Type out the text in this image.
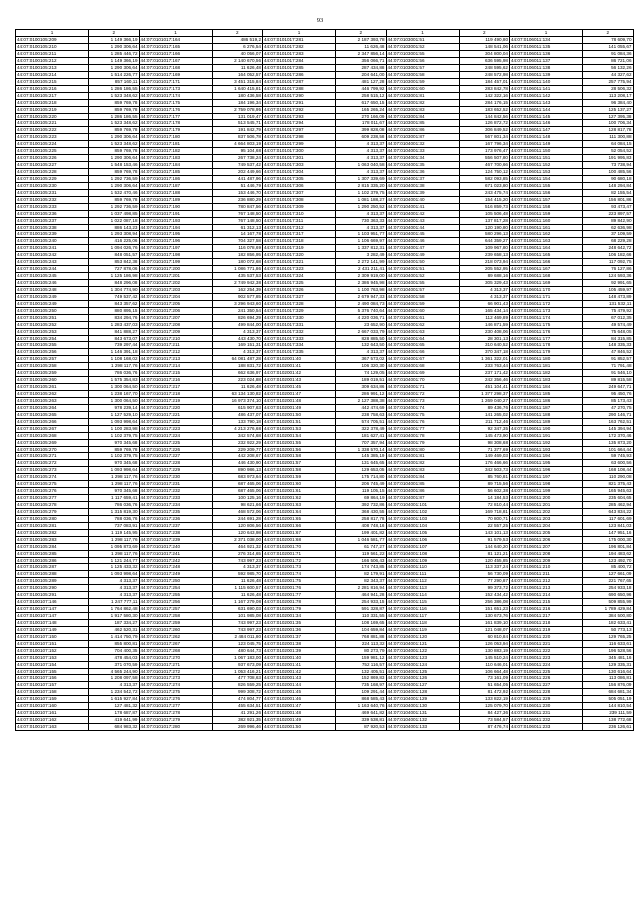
93
1	2	1	2	1	2	1	2	1	2
44:07:0100105:209	1 149 366,19	44:07:0101017:164	486 519,2	44:07:0101017:281	2 187 393,78	44:07:0103001:51	119 490,80	44:07:0106011:134	78 609,70
44:07:0100105:210	1 290 306,64	44:07:0101017:165	6 276,54	44:07:0101017:282	11 626,48	44:07:0103001:52	148 541,06	44:07:0106011:135	141 055,67
44:07:0100105:211	1 285 446,72	44:07:0101017:166	40 056,07	44:07:0101017:283	2 347 856,14	44:07:0103001:55	304 800,04	44:07:0106011:136	91 084,36
44:07:0100105:212	1 149 366,19	44:07:0101017:167	2 140 670,56	44:07:0101017:284	356 066,71	44:07:0103001:56	636 595,98	44:07:0106011:137	86 721,06
44:07:0100105:213	1 290 306,64	44:07:0101017:168	11 626,48	44:07:0101017:285	287 434,88	44:07:0103001:57	248 595,62	44:07:0106011:138	56 132,26
44:07:0100105:214	1 514 226,77	44:07:0101017:169	164 052,57	44:07:0101017:286	204 641,00	44:07:0103001:58	248 572,98	44:07:0106011:139	44 327,62
44:07:0100105:215	857 160,11	44:07:0101017:171	3 451 315,84	44:07:0101017:287	481 127,28	44:07:0103001:59	184 457,01	44:07:0106011:140	257 775,94
44:07:0100105:216	1 286 186,55	44:07:0101017:173	1 640 415,81	44:07:0101017:288	446 799,92	44:07:0103001:60	283 842,78	44:07:0106011:141	28 506,32
44:07:0100105:217	1 523 348,62	44:07:0101017:174	180 436,58	44:07:0101017:290	258 515,12	44:07:0103001:81	142 322,16	44:07:0106011:142	113 208,17
44:07:0100105:218	859 769,78	44:07:0101017:175	184 196,34	44:07:0101017:291	617 650,15	44:07:0103001:82	284 176,15	44:07:0106011:143	96 384,40
44:07:0100105:219	859 769,78	44:07:0101017:176	2 759 078,95	44:07:0101017:292	165 265,24	44:07:0103001:83	183 652,52	44:07:0106011:144	125 137,27
44:07:0100105:220	1 286 186,55	44:07:0101017:177	131 019,47	44:07:0101017:293	270 166,09	44:07:0103001:84	144 842,56	44:07:0106011:145	127 395,38
44:07:0100105:221	1 523 348,62	44:07:0101017:178	513 545,71	44:07:0101017:294	178 011,67	44:07:0103001:85	126 872,72	44:07:0106011:146	100 706,34
44:07:0100105:222	859 769,78	44:07:0101017:179	191 842,79	44:07:0101017:297	399 828,08	44:07:0103001:86	306 849,52	44:07:0106011:147	128 817,78
44:07:0100105:223	1 290 306,64	44:07:0101017:180	837 506,78	44:07:0101017:298	609 238,58	44:07:0103001:87	567 801,34	44:07:0106011:148	111 300,88
44:07:0100105:224	1 523 348,62	44:07:0101017:181	4 664 803,19	44:07:0101017:299	4 313,37	44:07:0104001:32	167 796,34	44:07:0106011:149	64 084,15
44:07:0100105:225	859 769,78	44:07:0101017:182	95 104,68	44:07:0101017:300	4 313,37	44:07:0104001:33	173 976,47	44:07:0106011:150	52 054,52
44:07:0100105:226	1 290 306,64	44:07:0101017:183	267 738,24	44:07:0101017:301	4 313,37	44:07:0104001:34	556 507,80	44:07:0106011:151	191 995,83
44:07:0100105:227	1 548 153,46	44:07:0101017:184	749 537,42	44:07:0101017:303	1 063 040,58	44:07:0104001:35	467 700,66	44:07:0106011:152	73 738,94
44:07:0100105:228	859 769,78	44:07:0101017:185	202 449,66	44:07:0101017:304	4 313,37	44:07:0104001:36	124 750,12	44:07:0106011:153	100 485,56
44:07:0100105:229	1 292 736,59	44:07:0101017:186	441 487,96	44:07:0101017:305	1 307 339,69	44:07:0104001:37	582 093,85	44:07:0106011:154	90 680,18
44:07:0100105:230	1 290 306,64	44:07:0101017:187	51 446,79	44:07:0101017:306	2 815 335,20	44:07:0104001:38	671 023,80	44:07:0106011:155	148 294,84
44:07:0100105:231	1 532 470,46	44:07:0101017:188	153 446,70	44:07:0101017:307	1 102 379,75	44:07:0104001:39	243 475,74	44:07:0106011:156	82 155,54
44:07:0100105:232	859 769,78	44:07:0101017:189	236 880,29	44:07:0101017:308	1 081 188,27	44:07:0104001:40	154 415,20	44:07:0106011:157	156 801,86
44:07:0100105:233	1 292 736,59	44:07:0101017:190	780 847,56	44:07:0101017:309	1 290 250,52	44:07:0104001:41	516 859,73	44:07:0106011:158	93 473,47
44:07:0100105:236	1 037 498,85	44:07:0101017:191	767 148,50	44:07:0101017:310	4 313,37	44:07:0104001:42	105 506,48	44:07:0106011:159	223 897,57
44:07:0100105:237	1 022 087,18	44:07:0101017:193	767 148,50	44:07:0101017:311	730 363,33	44:07:0104001:43	137 817,28	44:07:0106011:160	89 842,90
44:07:0100105:238	886 143,23	44:07:0101017:194	61 312,13	44:07:0101017:312	4 313,37	44:07:0104001:44	120 190,80	44:07:0106011:161	62 636,98
44:07:0100105:239	1 293 308,94	44:07:0101017:195	14 167,78	44:07:0101017:317	1 103 951,77	44:07:0104001:45	580 296,13	44:07:0106011:162	37 109,59
44:07:0100105:240	416 225,06	44:07:0101017:196	704 327,58	44:07:0101017:318	1 106 669,97	44:07:0104001:46	644 359,27	44:07:0106011:163	68 229,28
44:07:0100105:241	1 094 026,76	44:07:0101017:197	116 078,69	44:07:0101017:319	1 337 812,31	44:07:0104001:47	109 967,80	44:07:0106011:164	248 642,72
44:07:0100105:242	848 051,57	44:07:0101017:198	182 856,95	44:07:0101017:320	3 282,49	44:07:0104001:49	239 658,13	44:07:0106011:165	106 182,66
44:07:0100105:243	853 842,38	44:07:0101017:199	180 072,68	44:07:0101017:321	2 272 141,99	44:07:0104001:50	218 073,94	44:07:0106011:166	117 092,75
44:07:0100105:244	727 878,06	44:07:0101017:200	1 086 771,86	44:07:0101017:323	2 431 211,41	44:07:0104001:51	205 552,95	44:07:0106011:167	76 127,86
44:07:0100105:245	1 125 186,98	44:07:0101017:201	435 537,53	44:07:0101017:324	2 309 919,00	44:07:0104001:52	89 688,16	44:07:0106011:168	124 593,36
44:07:0100105:246	848 296,08	44:07:0101017:202	2 749 942,38	44:07:0101017:325	2 386 945,98	44:07:0104001:55	305 329,43	44:07:0106011:169	92 991,65
44:07:0100105:248	1 304 774,90	44:07:0101017:203	162 254,39	44:07:0101017:326	1 100 763,98	44:07:0104001:57	4 313,37	44:07:0106011:170	105 459,97
44:07:0100105:249	749 537,42	44:07:0101017:204	902 577,85	44:07:0101017:327	2 679 947,33	44:07:0104001:58	4 313,37	44:07:0106011:171	148 473,89
44:07:0100105:249	843 357,62	44:07:0101017:205	3 296 943,60	44:07:0101017:328	2 490 084,73	44:07:0104001:59	66 901,43	44:07:0106011:172	131 532,11
44:07:0100105:250	880 895,15	44:07:0101017:206	241 350,54	44:07:0101017:329	5 376 740,64	44:07:0104001:60	165 434,14	44:07:0106011:173	75 479,92
44:07:0100105:251	834 294,76	44:07:0101017:207	826 694,29	44:07:0101017:330	4 220 036,71	44:07:0104001:61	112 469,89	44:07:0106011:174	67 012,35
44:07:0100105:252	1 283 437,03	44:07:0101017:208	499 844,00	44:07:0101017:331	23 652,90	44:07:0104001:62	146 871,59	44:07:0106011:175	49 574,49
44:07:0100105:253	841 888,27	44:07:0101017:209	4 313,37	44:07:0101017:332	2 667 033,79	44:07:0104001:63	230 408,06	44:07:0106011:176	75 648,05
44:07:0100105:254	843 673,07	44:07:0101017:210	443 430,70	44:07:0101017:333	828 885,50	44:07:0104001:64	28 301,13	44:07:0106011:177	84 315,85
44:07:0100105:255	739 297,44	44:07:0101017:211	169 151,31	44:07:0101017:334	132 643,50	44:07:0104001:65	310 640,52	44:07:0106011:178	148 335,33
44:07:0100105:256	1 146 391,18	44:07:0101017:212	4 313,37	44:07:0101017:335	4 313,37	44:07:0104001:66	370 347,18	44:07:0106011:179	47 846,52
44:07:0100105:257	1 108 168,02	44:07:0101017:213	64 081 487,28	44:07:0102001:40	367 573,02	44:07:0104001:67	1 361 322,01	44:07:0106011:180	91 852,57
44:07:0100105:258	1 298 117,76	44:07:0101017:214	188 831,72	44:07:0102001:41	106 320,30	44:07:0104001:68	233 763,44	44:07:0106011:181	71 791,48
44:07:0100105:259	786 036,76	44:07:0101017:215	662 636,97	44:07:0102001:42	74 129,05	44:07:0104001:69	237 171,42	44:07:0106011:182	91 546,10
44:07:0100105:260	1 575 354,83	44:07:0101017:216	223 024,88	44:07:0102001:43	189 019,51	44:07:0104001:70	242 356,46	44:07:0106011:183	89 815,58
44:07:0100105:261	1 300 064,50	44:07:0101017:217	11 626,48	44:07:0102001:45	309 634,86	44:07:0104001:71	451 104,41	44:07:0106011:184	249 647,71
44:07:0100105:262	1 238 167,70	44:07:0101017:218	63 134 130,82	44:07:0102001:47	286 991,12	44:07:0104001:72	1 377 298,37	44:07:0106011:185	95 450,76
44:07:0100105:263	1 300 064,50	44:07:0101017:219	16 973 374,10	44:07:0102001:48	2 127 388,38	44:07:0104001:73	1 269 040,27	44:07:0106011:186	85 173,43
44:07:0100105:264	978 239,14	44:07:0101017:220	615 907,63	44:07:0102001:49	442 474,69	44:07:0104001:74	89 436,76	44:07:0106011:187	47 270,75
44:07:0100105:265	1 127 529,10	44:07:0101017:221	486 437,07	44:07:0102001:50	238 758,63	44:07:0104001:75	141 265,02	44:07:0106011:188	290 146,71
44:07:0100105:266	1 093 998,64	44:07:0101017:222	133 790,18	44:07:0102001:51	574 705,51	44:07:0104001:76	211 712,46	44:07:0106011:189	163 762,51
44:07:0100105:267	1 100 283,98	44:07:0101017:223	4 213 276,68	44:07:0102001:53	322 378,49	44:07:0104001:77	92 347,35	44:07:0106011:190	145 394,94
44:07:0100105:268	1 102 379,75	44:07:0101017:224	342 574,68	44:07:0102001:54	181 627,41	44:07:0104001:78	145 473,90	44:07:0106011:191	172 370,46
44:07:0100105:269	970 345,68	44:07:0101017:225	232 922,29	44:07:0102001:55	707 357,94	44:07:0104001:79	98 308,68	44:07:0106011:192	135 873,20
44:07:0100105:270	859 769,78	44:07:0101017:226	229 209,77	44:07:0102001:56	1 338 570,14	44:07:0104001:80	71 377,69	44:07:0106011:193	101 664,44
44:07:0100105:271	1 102 379,75	44:07:0101017:227	442 208,67	44:07:0102001:58	145 385,19	44:07:0104001:81	149 469,03	44:07:0106011:194	59 745,93
44:07:0100105:272	970 345,68	44:07:0101017:228	446 430,90	44:07:0102001:57	131 645,65	44:07:0104001:82	176 466,66	44:07:0106011:195	63 600,56
44:07:0100105:273	1 093 998,64	44:07:0101017:229	890 986,13	44:07:0102001:58	129 653,05	44:07:0104001:83	342 503,73	44:07:0106011:196	168 108,44
44:07:0100105:274	1 298 117,76	44:07:0101017:230	683 973,64	44:07:0102001:59	175 714,80	44:07:0104001:84	85 760,81	44:07:0106011:197	110 290,08
44:07:0100105:275	1 298 117,76	44:07:0101017:231	687 465,06	44:07:0102001:60	206 745,49	44:07:0104001:85	89 715,56	44:07:0106011:198	821 375,43
44:07:0100105:276	970 345,68	44:07:0101017:232	687 465,06	44:07:0102001:61	119 105,15	44:07:0104001:86	56 602,38	44:07:0106011:199	165 945,63
44:07:0100105:277	1 117 659,41	44:07:0101017:233	100 125,16	44:07:0102001:62	69 864,19	44:07:0104001:87	14 184,53	44:07:0106011:200	235 604,65
44:07:0100105:278	786 036,76	44:07:0101017:234	98 621,66	44:07:0102001:63	392 732,86	44:07:0104001:101	72 810,44	44:07:0106011:201	285 462,94
44:07:0100105:279	1 315 819,30	44:07:0101017:235	468 572,06	44:07:0102001:64	368 430,55	44:07:0104001:102	169 718,81	44:07:0106011:202	643 834,22
44:07:0100105:280	788 036,76	44:07:0101017:236	244 691,28	44:07:0102001:65	258 817,78	44:07:0104001:103	70 800,71	44:07:0106011:203	117 601,69
44:07:0100105:281	737 083,91	44:07:0101017:237	120 806,56	44:07:0102001:66	408 748,16	44:07:0104001:104	22 557,25	44:07:0106011:204	123 841,03
44:07:0100105:282	1 119 145,95	44:07:0101017:238	120 643,98	44:07:0102001:67	199 401,82	44:07:0104001:105	143 101,13	44:07:0106011:205	147 951,16
44:07:0100105:283	1 298 117,76	44:07:0101017:239	2 371 038,00	44:07:0102001:68	1 046 581,77	44:07:0104001:106	91 579,53	44:07:0106011:206	175 000,30
44:07:0100105:284	1 095 873,69	44:07:0101017:240	464 921,32	44:07:0102001:70	61 747,27	44:07:0104001:107	144 640,20	44:07:0106011:207	196 801,84
44:07:0100105:285	1 298 117,76	44:07:0101017:241	276 314,65	44:07:0102001:71	119 561,22	44:07:0104001:108	81 121,21	44:07:0106011:208	194 483,62
44:07:0100105:286	1 121 244,77	44:07:0101017:242	743 997,23	44:07:0102001:72	166 506,43	44:07:0104001:109	120 455,85	44:07:0106011:209	123 492,70
44:07:0100105:287	1 125 433,32	44:07:0101017:248	4 313,37	44:07:0102001:73	174 743,85	44:07:0104001:110	113 337,24	44:07:0106011:210	85 400,72
44:07:0100105:288	1 093 998,64	44:07:0101017:249	592 985,70	44:07:0102001:74	82 179,91	44:07:0104001:111	56 730,09	44:07:0106011:211	127 661,09
44:07:0100105:289	4 313,37	44:07:0101017:250	11 626,48	44:07:0102001:75	82 343,37	44:07:0104001:112	77 290,87	44:07:0106011:212	221 767,65
44:07:0100105:290	4 313,37	44:07:0101017:254	1 115 600,57	44:07:0102001:76	2 281 816,94	44:07:0104001:113	99 373,72	44:07:0106011:213	254 933,18
44:07:0100105:291	4 313,37	44:07:0101017:255	11 626,48	44:07:0102001:77	464 941,28	44:07:0104001:114	152 434,42	44:07:0106011:214	690 650,96
44:07:0100107:146	1 247 777,11	44:07:0101017:256	1 167 279,08	44:07:0102001:78	254 933,15	44:07:0104001:115	256 386,08	44:07:0106011:215	509 855,99
44:07:0100107:147	1 764 862,48	44:07:0101017:257	631 690,03	44:07:0102001:79	591 328,87	44:07:0104001:116	151 651,23	44:07:0106011:216	1 789 429,84
44:07:0100107:147	1 917 580,30	44:07:0101017:258	101 985,08	44:07:0102001:34	110 331,55	44:07:0104001:117	130 673,76	44:07:0106011:217	384 500,80
44:07:0100107:148	187 334,27	44:07:0101017:259	743 997,23	44:07:0102001:35	108 169,65	44:07:0104001:118	161 839,10	44:07:0106011:218	182 633,41
44:07:0100107:149	462 520,31	44:07:0101017:260	743 997,23	44:07:0102001:36	104 659,84	44:07:0104001:119	121 048,07	44:07:0106011:219	50 773,13
44:07:0100107:150	1 414 750,79	44:07:0101017:262	2 484 011,80	44:07:0102001:37	768 881,88	44:07:0104001:120	60 810,84	44:07:0106011:220	129 765,25
44:07:0100107:151	855 800,81	44:07:0101017:267	123 045,75	44:07:0102001:38	224 113,32	44:07:0104001:121	126 053,94	44:07:0106011:221	116 633,61
44:07:0100107:152	704 400,35	44:07:0101017:268	480 644,73	44:07:0102001:39	80 273,79	44:07:0104001:122	130 883,19	44:07:0106011:222	196 528,56
44:07:0100107:153	478 454,03	44:07:0101017:270	1 067 183,00	44:07:0102001:40	159 981,12	44:07:0104001:123	145 510,24	44:07:0106011:223	345 481,16
44:07:0100107:154	371 070,59	44:07:0101017:271	937 673,09	44:07:0102001:41	752 116,57	44:07:0104001:124	110 646,01	44:07:0106011:224	129 335,31
44:07:0100107:155	4 565 244,90	44:07:0101017:272	1 053 416,21	44:07:0102001:42	132 405,51	44:07:0104001:125	106 664,48	44:07:0106011:225	130 616,64
44:07:0100107:156	1 208 097,58	44:07:0101017:273	477 708,63	44:07:0102001:43	152 869,83	44:07:0104001:126	73 161,09	44:07:0106011:226	113 086,81
44:07:0100107:157	4 313,37	44:07:0101017:274	826 559,25	44:07:0102001:44	735 168,97	44:07:0104001:127	51 654,05	44:07:0106011:227	156 876,09
44:07:0100107:158	1 234 542,72	44:07:0101017:275	999 308,72	44:07:0102001:45	109 291,44	44:07:0104001:128	81 472,92	44:07:0106011:228	684 681,34
44:07:0100107:159	1 615 927,84	44:07:0101017:276	474 804,77	44:07:0102001:46	868 585,43	44:07:0104001:129	133 822,19	44:07:0106011:229	505 051,19
44:07:0100107:160	127 481,32	44:07:0101017:277	455 634,51	44:07:0102001:47	1 163 640,76	44:07:0104001:130	125 079,70	44:07:0106011:230	144 810,54
44:07:0100107:161	178 687,87	44:07:0101017:278	41 291,26	44:07:0102001:48	469 641,82	44:07:0104001:131	84 427,36	44:07:0106011:231	239 111,59
44:07:0100107:162	419 641,99	44:07:0101017:279	382 921,35	44:07:0102001:49	339 538,81	44:07:0104001:132	73 584,57	44:07:0106011:232	138 772,68
44:07:0100107:163	684 983,32	44:07:0101017:280	269 996,46	44:07:0102001:50	87 920,53	44:07:0104001:133	87 476,74	44:07:0106011:233	236 126,61
